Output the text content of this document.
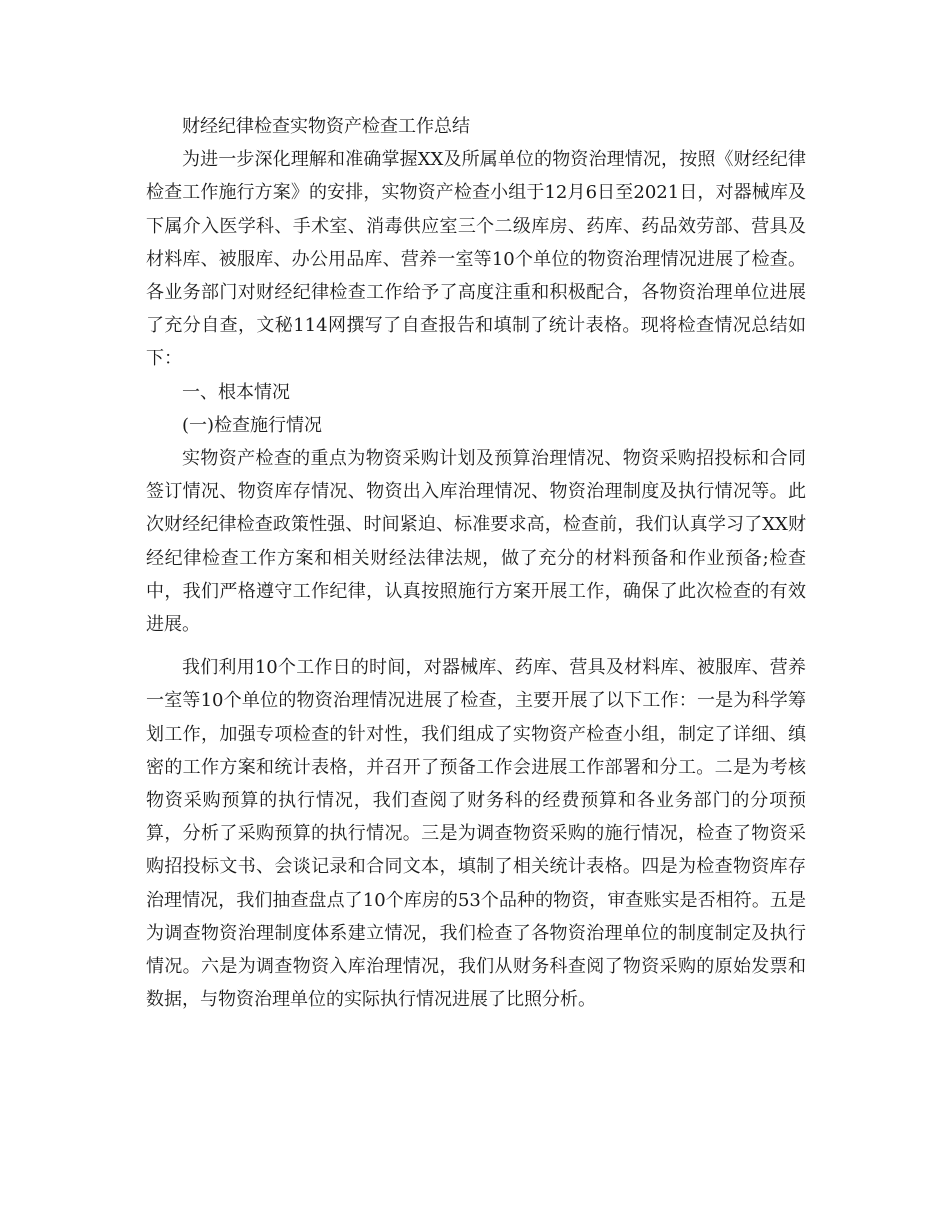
财经纪律检查实物资产检查工作总结

为进一步深化理解和准确掌握XX及所属单位的物资治理情况，按照《财经纪律检查工作施行方案》的安排，实物资产检查小组于12月6日至2021日，对器械库及下属介入医学科、手术室、消毒供应室三个二级库房、药库、药品效劳部、营具及材料库、被服库、办公用品库、营养一室等10个单位的物资治理情况进展了检查。各业务部门对财经纪律检查工作给予了高度注重和积极配合，各物资治理单位进展了充分自查，文秘114网撰写了自查报告和填制了统计表格。现将检查情况总结如下：

一、根本情况

(一)检查施行情况

实物资产检查的重点为物资采购计划及预算治理情况、物资采购招投标和合同签订情况、物资库存情况、物资出入库治理情况、物资治理制度及执行情况等。此次财经纪律检查政策性强、时间紧迫、标准要求高，检查前，我们认真学习了XX财经纪律检查工作方案和相关财经法律法规，做了充分的材料预备和作业预备;检查中，我们严格遵守工作纪律，认真按照施行方案开展工作，确保了此次检查的有效进展。

我们利用10个工作日的时间，对器械库、药库、营具及材料库、被服库、营养一室等10个单位的物资治理情况进展了检查，主要开展了以下工作：一是为科学筹划工作，加强专项检查的针对性，我们组成了实物资产检查小组，制定了详细、缜密的工作方案和统计表格，并召开了预备工作会进展工作部署和分工。二是为考核物资采购预算的执行情况，我们查阅了财务科的经费预算和各业务部门的分项预算，分析了采购预算的执行情况。三是为调查物资采购的施行情况，检查了物资采购招投标文书、会谈记录和合同文本，填制了相关统计表格。四是为检查物资库存治理情况，我们抽查盘点了10个库房的53个品种的物资，审查账实是否相符。五是为调查物资治理制度体系建立情况，我们检查了各物资治理单位的制度制定及执行情况。六是为调查物资入库治理情况，我们从财务科查阅了物资采购的原始发票和数据，与物资治理单位的实际执行情况进展了比照分析。
